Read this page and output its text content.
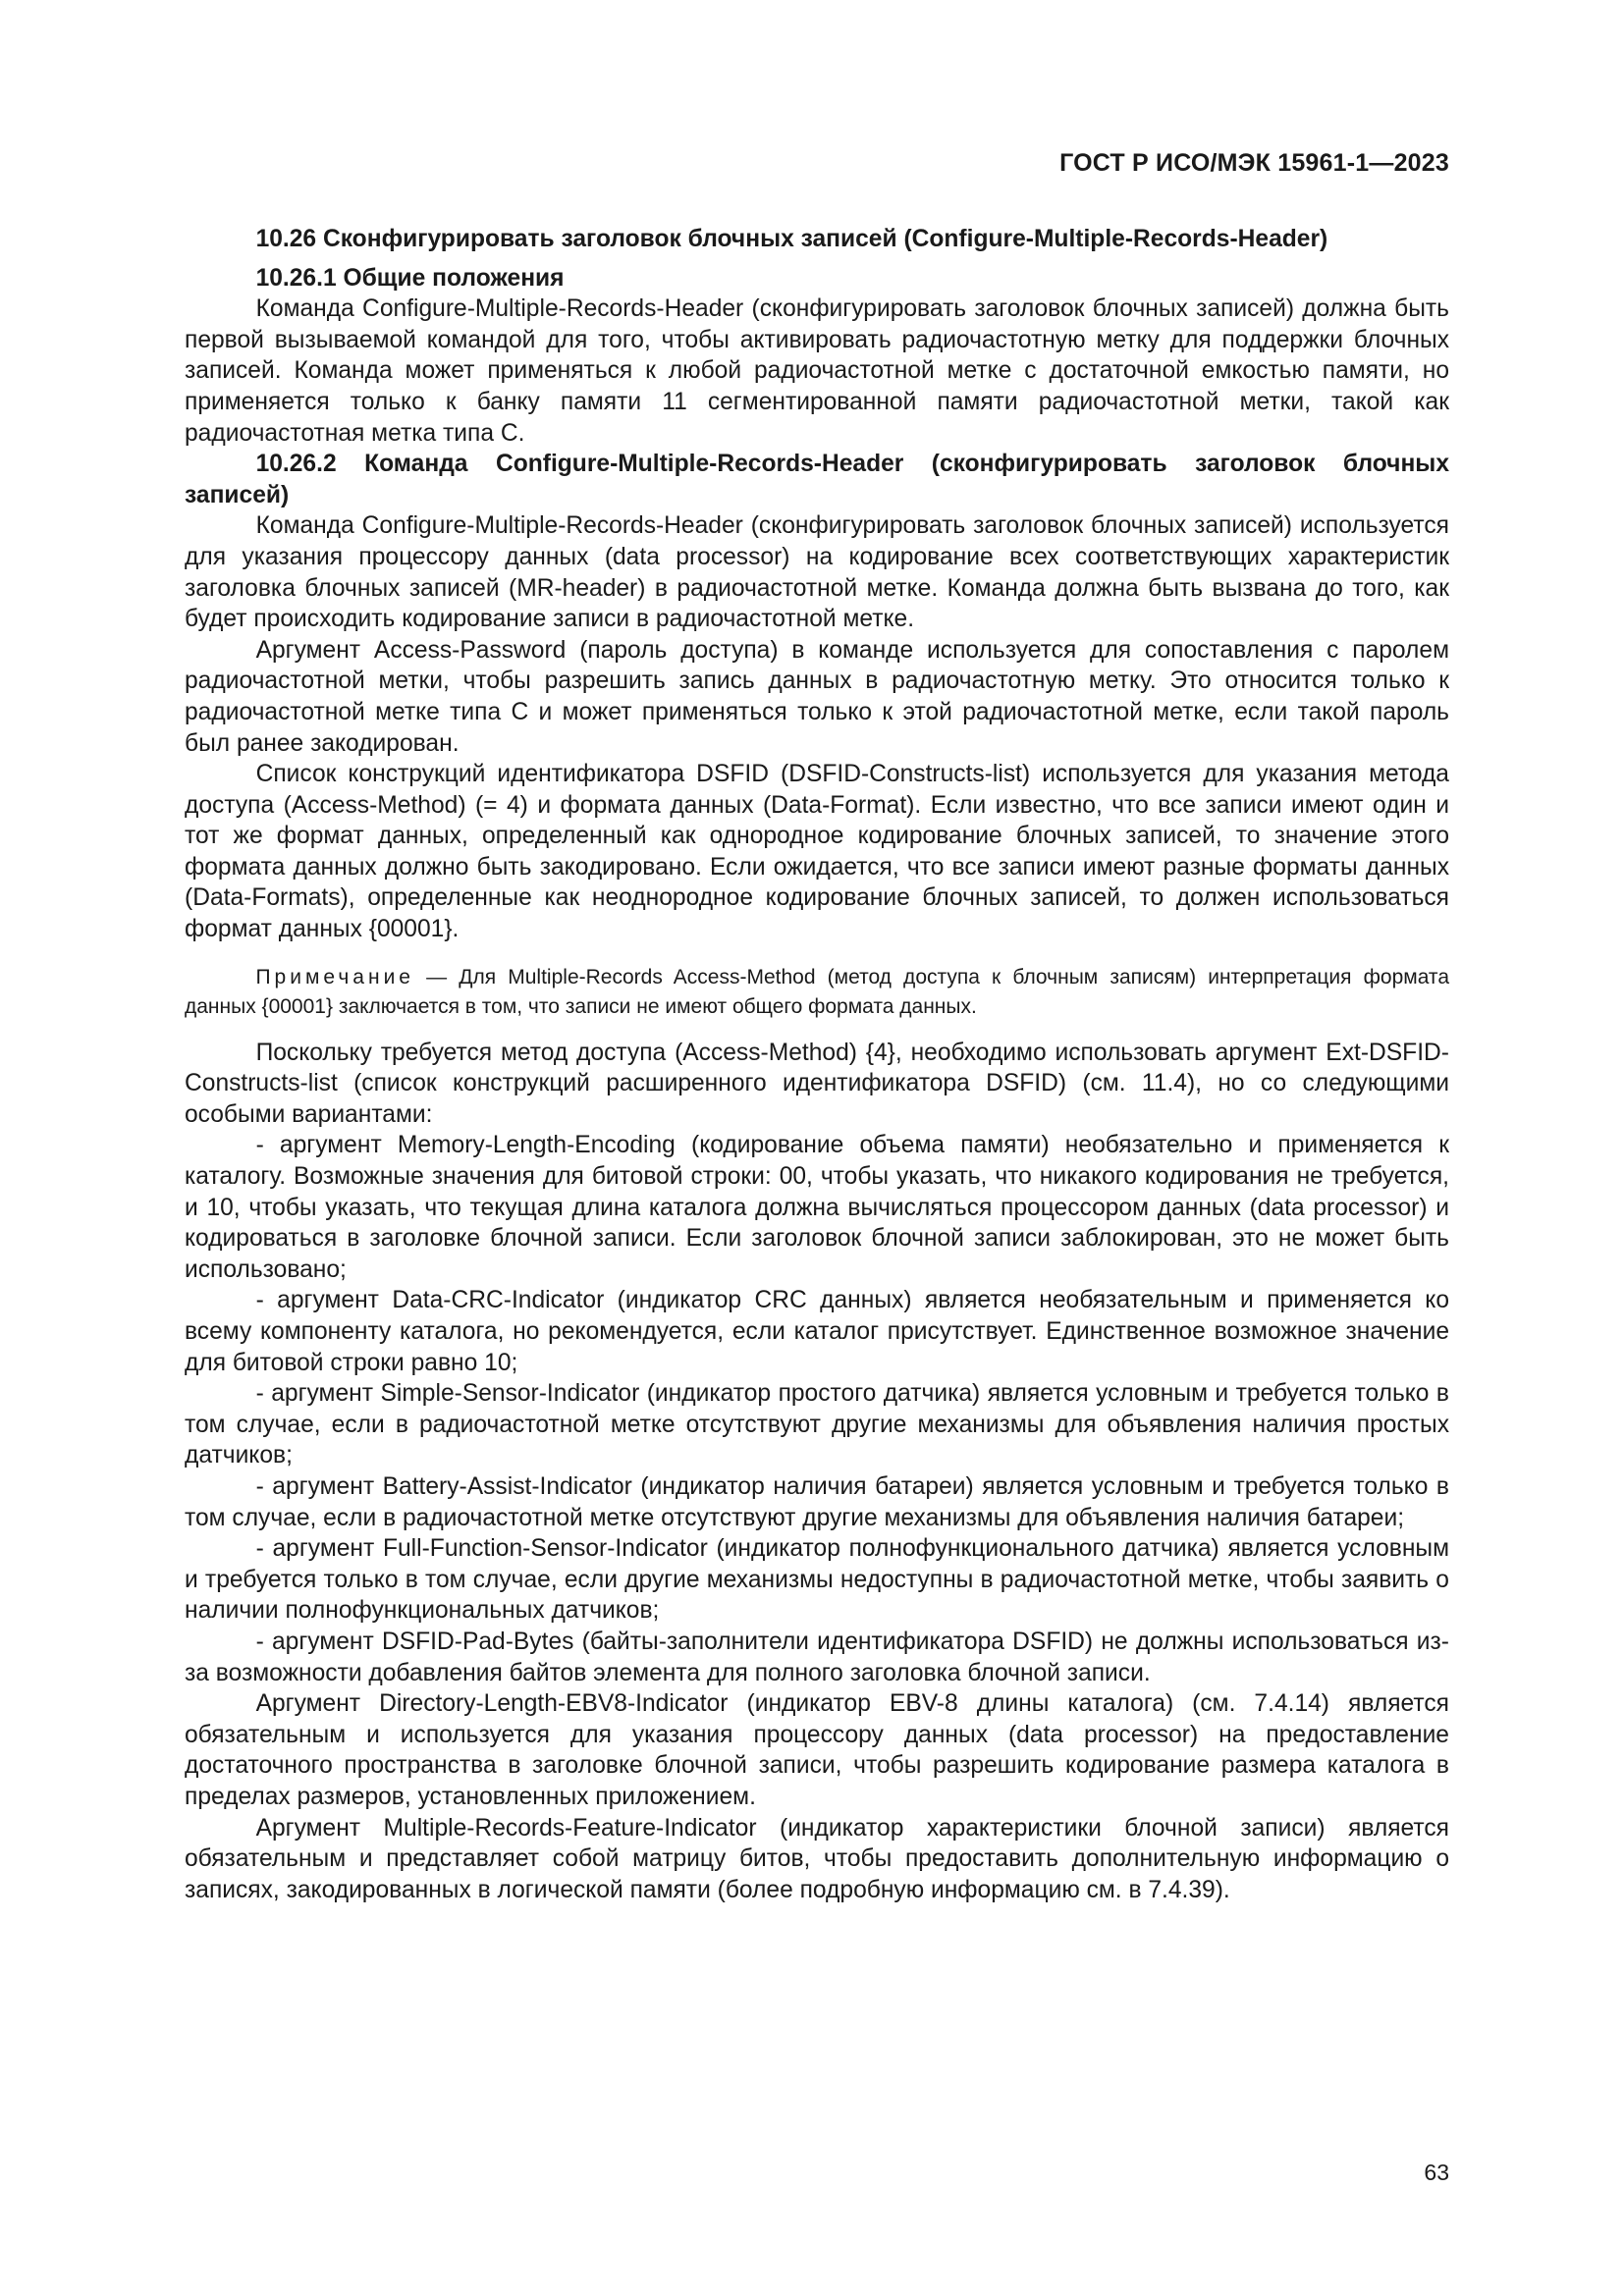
ГОСТ Р ИСО/МЭК 15961-1—2023

10.26 Сконфигурировать заголовок блочных записей (Configure-Multiple-Records-Header)

10.26.1 Общие положения

Команда Configure-Multiple-Records-Header (сконфигурировать заголовок блочных записей) должна быть первой вызываемой командой для того, чтобы активировать радиочастотную метку для поддержки блочных записей. Команда может применяться к любой радиочастотной метке с достаточной емкостью памяти, но применяется только к банку памяти 11 сегментированной памяти радиочастотной метки, такой как радиочастотная метка типа С.

10.26.2 Команда Configure-Multiple-Records-Header (сконфигурировать заголовок блочных записей)

Команда Configure-Multiple-Records-Header (сконфигурировать заголовок блочных записей) используется для указания процессору данных (data processor) на кодирование всех соответствующих характеристик заголовка блочных записей (MR-header) в радиочастотной метке. Команда должна быть вызвана до того, как будет происходить кодирование записи в радиочастотной метке.

Аргумент Access-Password (пароль доступа) в команде используется для сопоставления с паролем радиочастотной метки, чтобы разрешить запись данных в радиочастотную метку. Это относится только к радиочастотной метке типа С и может применяться только к этой радиочастотной метке, если такой пароль был ранее закодирован.

Список конструкций идентификатора DSFID (DSFID-Constructs-list) используется для указания метода доступа (Access-Method) (= 4) и формата данных (Data-Format). Если известно, что все записи имеют один и тот же формат данных, определенный как однородное кодирование блочных записей, то значение этого формата данных должно быть закодировано. Если ожидается, что все записи имеют разные форматы данных (Data-Formats), определенные как неоднородное кодирование блочных записей, то должен использоваться формат данных {00001}.

Примечание — Для Multiple-Records Access-Method (метод доступа к блочным записям) интерпретация формата данных {00001} заключается в том, что записи не имеют общего формата данных.

Поскольку требуется метод доступа (Access-Method) {4}, необходимо использовать аргумент Ext-DSFID-Constructs-list (список конструкций расширенного идентификатора DSFID) (см. 11.4), но со следующими особыми вариантами:

- аргумент Memory-Length-Encoding (кодирование объема памяти) необязательно и применяется к каталогу. Возможные значения для битовой строки: 00, чтобы указать, что никакого кодирования не требуется, и 10, чтобы указать, что текущая длина каталога должна вычисляться процессором данных (data processor) и кодироваться в заголовке блочной записи. Если заголовок блочной записи заблокирован, это не может быть использовано;

- аргумент Data-CRC-Indicator (индикатор CRC данных) является необязательным и применяется ко всему компоненту каталога, но рекомендуется, если каталог присутствует. Единственное возможное значение для битовой строки равно 10;

- аргумент Simple-Sensor-Indicator (индикатор простого датчика) является условным и требуется только в том случае, если в радиочастотной метке отсутствуют другие механизмы для объявления наличия простых датчиков;

- аргумент Battery-Assist-Indicator (индикатор наличия батареи) является условным и требуется только в том случае, если в радиочастотной метке отсутствуют другие механизмы для объявления наличия батареи;

- аргумент Full-Function-Sensor-Indicator (индикатор полнофункционального датчика) является условным и требуется только в том случае, если другие механизмы недоступны в радиочастотной метке, чтобы заявить о наличии полнофункциональных датчиков;

- аргумент DSFID-Pad-Bytes (байты-заполнители идентификатора DSFID) не должны использоваться из-за возможности добавления байтов элемента для полного заголовка блочной записи.

Аргумент Directory-Length-EBV8-Indicator (индикатор EBV-8 длины каталога) (см. 7.4.14) является обязательным и используется для указания процессору данных (data processor) на предоставление достаточного пространства в заголовке блочной записи, чтобы разрешить кодирование размера каталога в пределах размеров, установленных приложением.

Аргумент Multiple-Records-Feature-Indicator (индикатор характеристики блочной записи) является обязательным и представляет собой матрицу битов, чтобы предоставить дополнительную информацию о записях, закодированных в логической памяти (более подробную информацию см. в 7.4.39).

63
